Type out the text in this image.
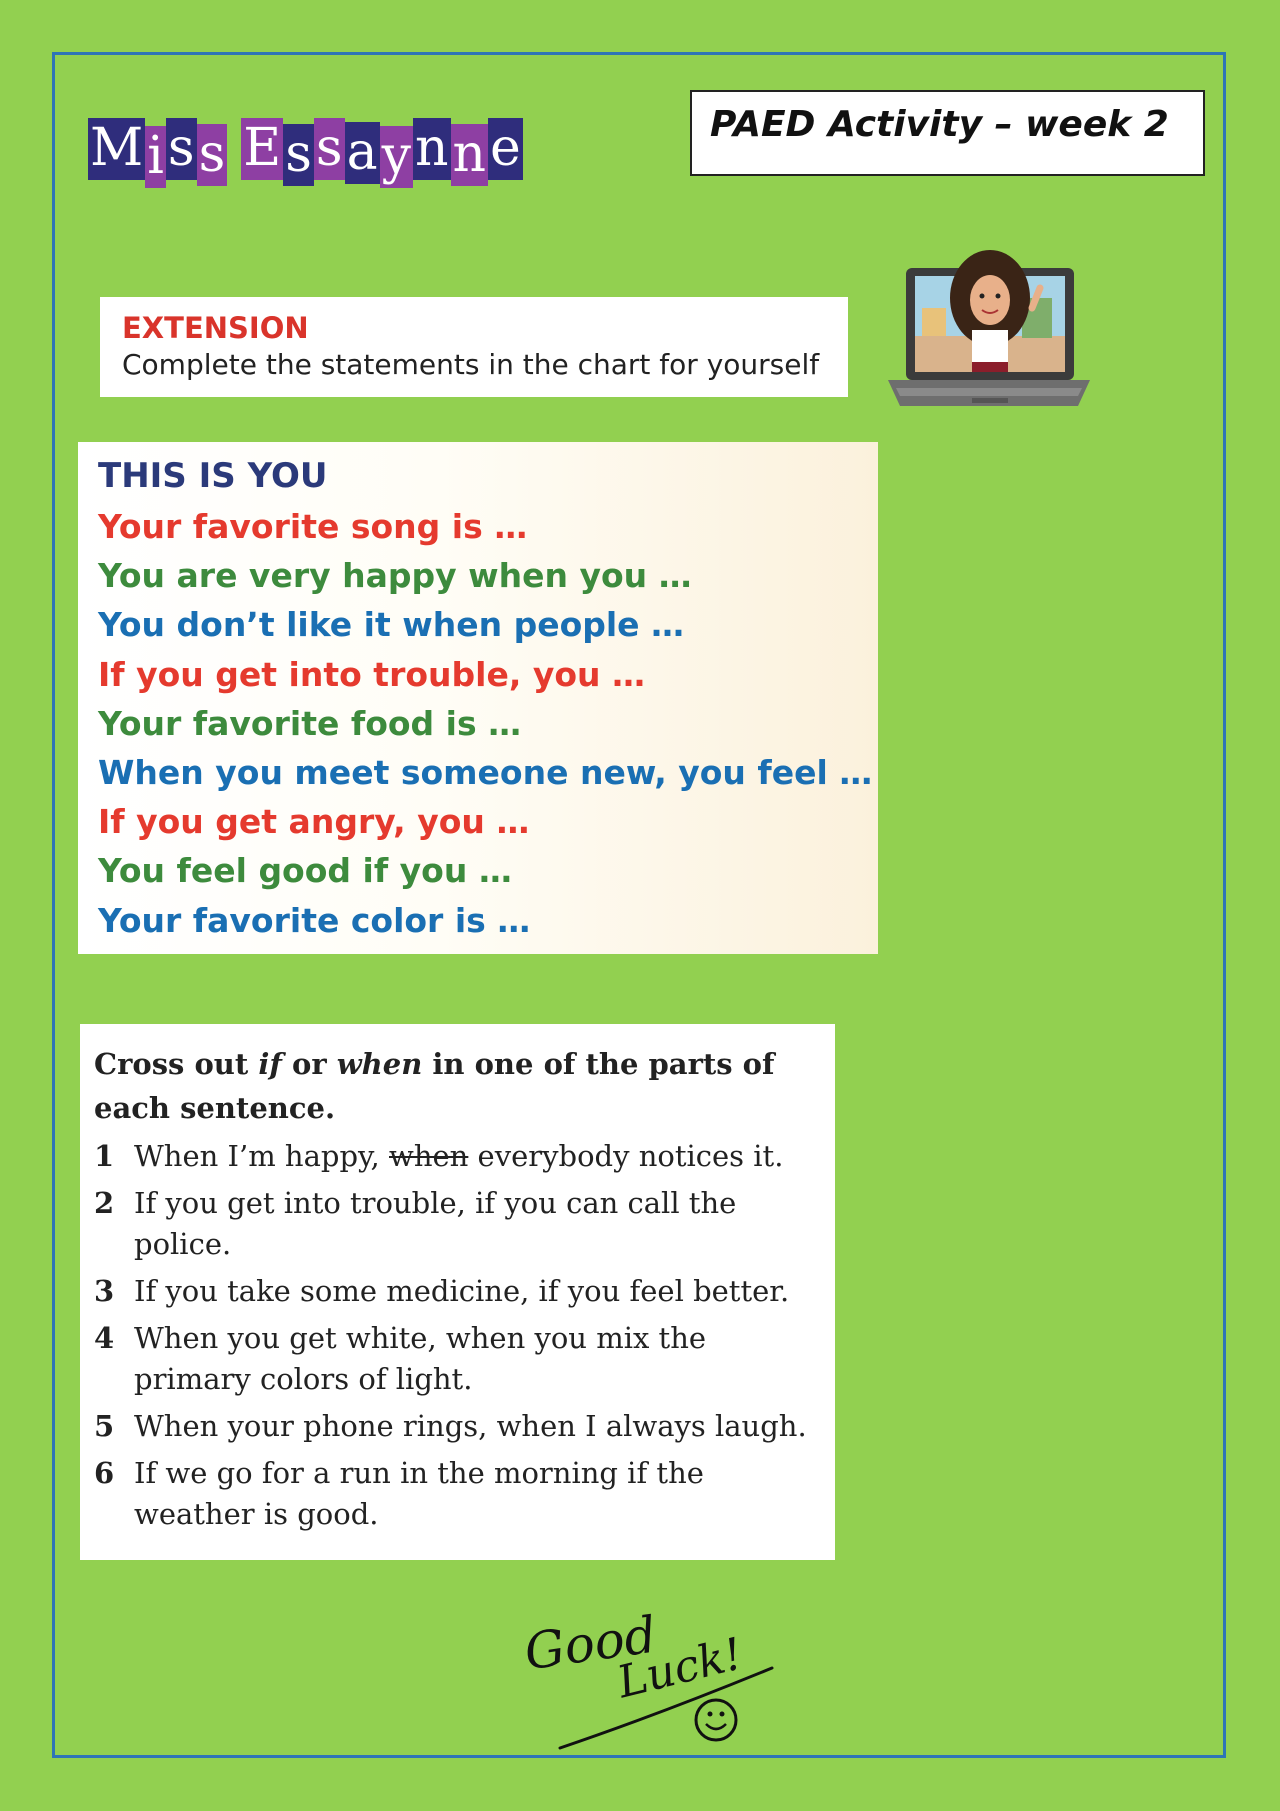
M i s s E s s a y n n e	PAED Activity – week 2
EXTENSION
Complete the statements in the chart for yourself
THIS IS YOU
Your favorite song is …
You are very happy when you …
You don’t like it when people …
If you get into trouble, you …
Your favorite food is …
When you meet someone new, you feel …
If you get angry, you …
You feel good if you …
Your favorite color is …
Cross out if or when in one of the parts of each sentence.
1 When I’m happy, when everybody notices it.
2 If you get into trouble, if you can call the police.
3 If you take some medicine, if you feel better.
4 When you get white, when you mix the primary colors of light.
5 When your phone rings, when I always laugh.
6 If we go for a run in the morning if the weather is good.
Good
Luck!
